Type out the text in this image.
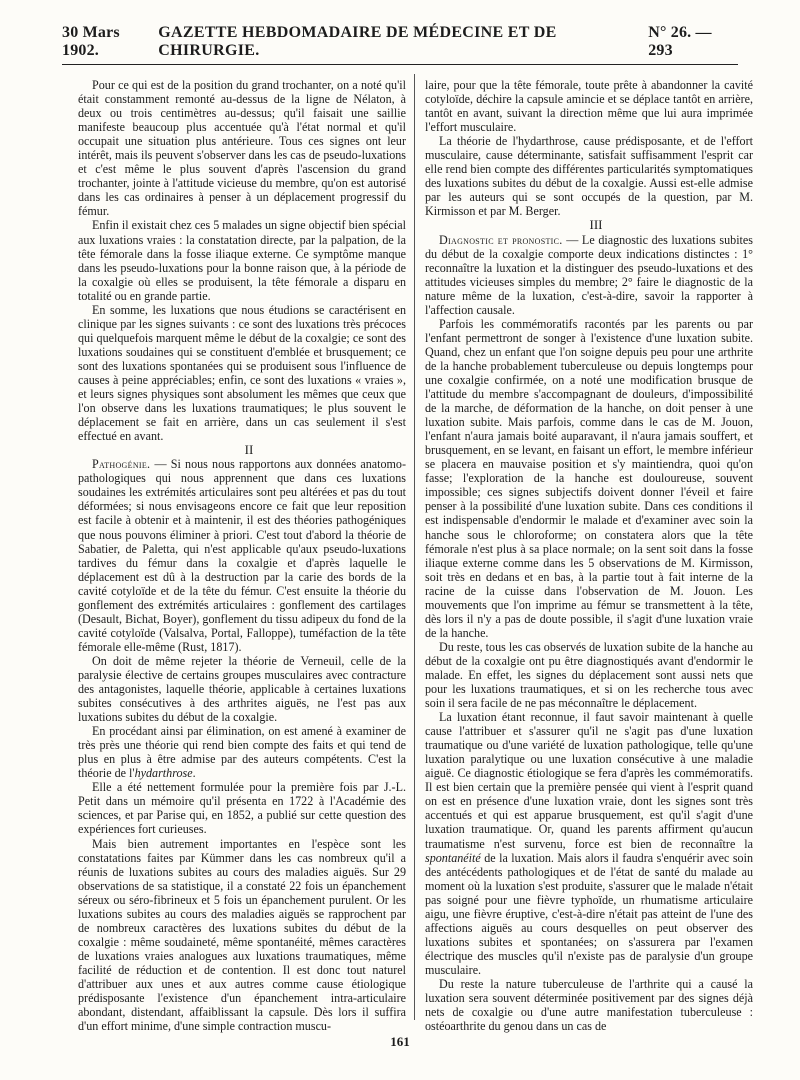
30 Mars 1902.
GAZETTE HEBDOMADAIRE DE MÉDECINE ET DE CHIRURGIE.
N° 26. — 293

Pour ce qui est de la position du grand trochanter, on a noté qu'il était constamment remonté au-dessus de la ligne de Nélaton, à deux ou trois centimètres au-dessus; qu'il faisait une saillie manifeste beaucoup plus accentuée qu'à l'état normal et qu'il occupait une situation plus antérieure. Tous ces signes ont leur intérêt, mais ils peuvent s'observer dans les cas de pseudo-luxations et c'est même le plus souvent d'après l'ascension du grand trochanter, jointe à l'attitude vicieuse du membre, qu'on est autorisé dans les cas ordinaires à penser à un déplacement progressif du fémur.

Enfin il existait chez ces 5 malades un signe objectif bien spécial aux luxations vraies : la constatation directe, par la palpation, de la tête fémorale dans la fosse iliaque externe. Ce symptôme manque dans les pseudo-luxations pour la bonne raison que, à la période de la coxalgie où elles se produisent, la tête fémorale a disparu en totalité ou en grande partie.

En somme, les luxations que nous étudions se caractérisent en clinique par les signes suivants : ce sont des luxations très précoces qui quelquefois marquent même le début de la coxalgie; ce sont des luxations soudaines qui se constituent d'emblée et brusquement; ce sont des luxations spontanées qui se produisent sous l'influence de causes à peine appréciables; enfin, ce sont des luxations « vraies », et leurs signes physiques sont absolument les mêmes que ceux que l'on observe dans les luxations traumatiques; le plus souvent le déplacement se fait en arrière, dans un cas seulement il s'est effectué en avant.

II

Pathogénie. — Si nous nous rapportons aux données anatomo-pathologiques qui nous apprennent que dans ces luxations soudaines les extrémités articulaires sont peu altérées et pas du tout déformées; si nous envisageons encore ce fait que leur reposition est facile à obtenir et à maintenir, il est des théories pathogéniques que nous pouvons éliminer à priori. C'est tout d'abord la théorie de Sabatier, de Paletta, qui n'est applicable qu'aux pseudo-luxations tardives du fémur dans la coxalgie et d'après laquelle le déplacement est dû à la destruction par la carie des bords de la cavité cotyloïde et de la tête du fémur. C'est ensuite la théorie du gonflement des extrémités articulaires : gonflement des cartilages (Desault, Bichat, Boyer), gonflement du tissu adipeux du fond de la cavité cotyloïde (Valsalva, Portal, Falloppe), tuméfaction de la tête fémorale elle-même (Rust, 1817).

On doit de même rejeter la théorie de Verneuil, celle de la paralysie élective de certains groupes musculaires avec contracture des antagonistes, laquelle théorie, applicable à certaines luxations subites consécutives à des arthrites aiguës, ne l'est pas aux luxations subites du début de la coxalgie.

En procédant ainsi par élimination, on est amené à examiner de très près une théorie qui rend bien compte des faits et qui tend de plus en plus à être admise par des auteurs compétents. C'est la théorie de l'hydarthrose.

Elle a été nettement formulée pour la première fois par J.-L. Petit dans un mémoire qu'il présenta en 1722 à l'Académie des sciences, et par Parise qui, en 1852, a publié sur cette question des expériences fort curieuses.

Mais bien autrement importantes en l'espèce sont les constatations faites par Kümmer dans les cas nombreux qu'il a réunis de luxations subites au cours des maladies aiguës. Sur 29 observations de sa statistique, il a constaté 22 fois un épanchement séreux ou séro-fibrineux et 5 fois un épanchement purulent. Or les luxations subites au cours des maladies aiguës se rapprochent par de nombreux caractères des luxations subites du début de la coxalgie : même soudaineté, même spontanéité, mêmes caractères de luxations vraies analogues aux luxations traumatiques, même facilité de réduction et de contention. Il est donc tout naturel d'attribuer aux unes et aux autres comme cause étiologique prédisposante l'existence d'un épanchement intra-articulaire abondant, distendant, affaiblissant la capsule. Dès lors il suffira d'un effort minime, d'une simple contraction muscu-

laire, pour que la tête fémorale, toute prête à abandonner la cavité cotyloïde, déchire la capsule amincie et se déplace tantôt en arrière, tantôt en avant, suivant la direction même que lui aura imprimée l'effort musculaire.

La théorie de l'hydarthrose, cause prédisposante, et de l'effort musculaire, cause déterminante, satisfait suffisamment l'esprit car elle rend bien compte des différentes particularités symptomatiques des luxations subites du début de la coxalgie. Aussi est-elle admise par les auteurs qui se sont occupés de la question, par M. Kirmisson et par M. Berger.

III

Diagnostic et pronostic. — Le diagnostic des luxations subites du début de la coxalgie comporte deux indications distinctes : 1° reconnaître la luxation et la distinguer des pseudo-luxations et des attitudes vicieuses simples du membre; 2° faire le diagnostic de la nature même de la luxation, c'est-à-dire, savoir la rapporter à l'affection causale.

Parfois les commémoratifs racontés par les parents ou par l'enfant permettront de songer à l'existence d'une luxation subite. Quand, chez un enfant que l'on soigne depuis peu pour une arthrite de la hanche probablement tuberculeuse ou depuis longtemps pour une coxalgie confirmée, on a noté une modification brusque de l'attitude du membre s'accompagnant de douleurs, d'impossibilité de la marche, de déformation de la hanche, on doit penser à une luxation subite. Mais parfois, comme dans le cas de M. Jouon, l'enfant n'aura jamais boité auparavant, il n'aura jamais souffert, et brusquement, en se levant, en faisant un effort, le membre inférieur se placera en mauvaise position et s'y maintiendra, quoi qu'on fasse; l'exploration de la hanche est douloureuse, souvent impossible; ces signes subjectifs doivent donner l'éveil et faire penser à la possibilité d'une luxation subite. Dans ces conditions il est indispensable d'endormir le malade et d'examiner avec soin la hanche sous le chloroforme; on constatera alors que la tête fémorale n'est plus à sa place normale; on la sent soit dans la fosse iliaque externe comme dans les 5 observations de M. Kirmisson, soit très en dedans et en bas, à la partie tout à fait interne de la racine de la cuisse dans l'observation de M. Jouon. Les mouvements que l'on imprime au fémur se transmettent à la tête, dès lors il n'y a pas de doute possible, il s'agit d'une luxation vraie de la hanche.

Du reste, tous les cas observés de luxation subite de la hanche au début de la coxalgie ont pu être diagnostiqués avant d'endormir le malade. En effet, les signes du déplacement sont aussi nets que pour les luxations traumatiques, et si on les recherche tous avec soin il sera facile de ne pas méconnaître le déplacement.

La luxation étant reconnue, il faut savoir maintenant à quelle cause l'attribuer et s'assurer qu'il ne s'agit pas d'une luxation traumatique ou d'une variété de luxation pathologique, telle qu'une luxation paralytique ou une luxation consécutive à une maladie aiguë. Ce diagnostic étiologique se fera d'après les commémoratifs. Il est bien certain que la première pensée qui vient à l'esprit quand on est en présence d'une luxation vraie, dont les signes sont très accentués et qui est apparue brusquement, est qu'il s'agit d'une luxation traumatique. Or, quand les parents affirment qu'aucun traumatisme n'est survenu, force est bien de reconnaître la spontanéité de la luxation. Mais alors il faudra s'enquérir avec soin des antécédents pathologiques et de l'état de santé du malade au moment où la luxation s'est produite, s'assurer que le malade n'était pas soigné pour une fièvre typhoïde, un rhumatisme articulaire aigu, une fièvre éruptive, c'est-à-dire n'était pas atteint de l'une des affections aiguës au cours desquelles on peut observer des luxations subites et spontanées; on s'assurera par l'examen électrique des muscles qu'il n'existe pas de paralysie d'un groupe musculaire.

Du reste la nature tuberculeuse de l'arthrite qui a causé la luxation sera souvent déterminée positivement par des signes déjà nets de coxalgie ou d'une autre manifestation tuberculeuse : ostéoarthrite du genou dans un cas de

161
